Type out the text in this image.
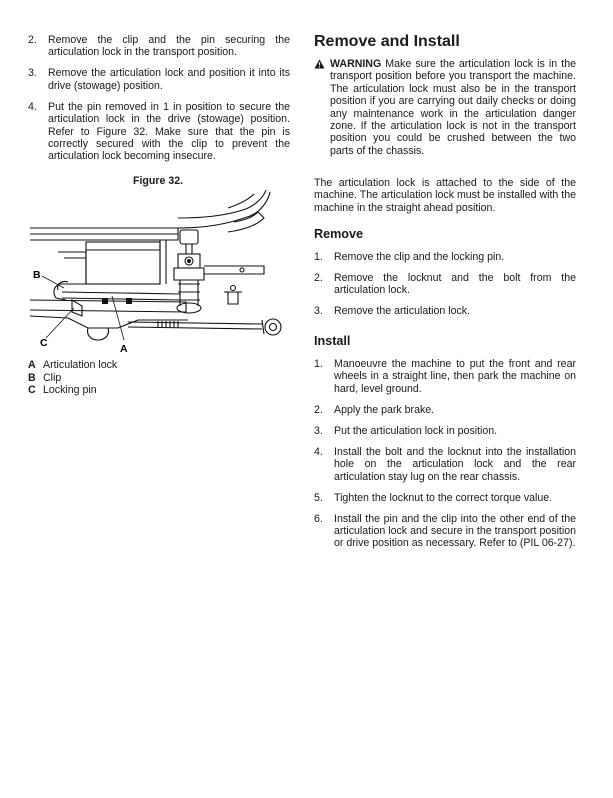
2. Remove the clip and the pin securing the articulation lock in the transport position.
3. Remove the articulation lock and position it into its drive (stowage) position.
4. Put the pin removed in 1 in position to secure the articulation lock in the drive (stowage) position. Refer to Figure 32. Make sure that the pin is correctly secured with the clip to prevent the articulation lock becoming insecure.
Figure 32.
B
C	A
A Articulation lock
B Clip
C Locking pin
Remove and Install
WARNING Make sure the articulation lock is in the transport position before you transport the machine. The articulation lock must also be in the transport position if you are carrying out daily checks or doing any maintenance work in the articulation danger zone. If the articulation lock is not in the transport position you could be crushed between the two parts of the chassis.
The articulation lock is attached to the side of the machine. The articulation lock must be installed with the machine in the straight ahead position.
Remove
1. Remove the clip and the locking pin.
2. Remove the locknut and the bolt from the articulation lock.
3. Remove the articulation lock.
Install
1. Manoeuvre the machine to put the front and rear wheels in a straight line, then park the machine on hard, level ground.
2. Apply the park brake.
3. Put the articulation lock in position.
4. Install the bolt and the locknut into the installation hole on the articulation lock and the rear articulation stay lug on the rear chassis.
5. Tighten the locknut to the correct torque value.
6. Install the pin and the clip into the other end of the articulation lock and secure in the transport position or drive position as necessary. Refer to (PIL 06-27).
